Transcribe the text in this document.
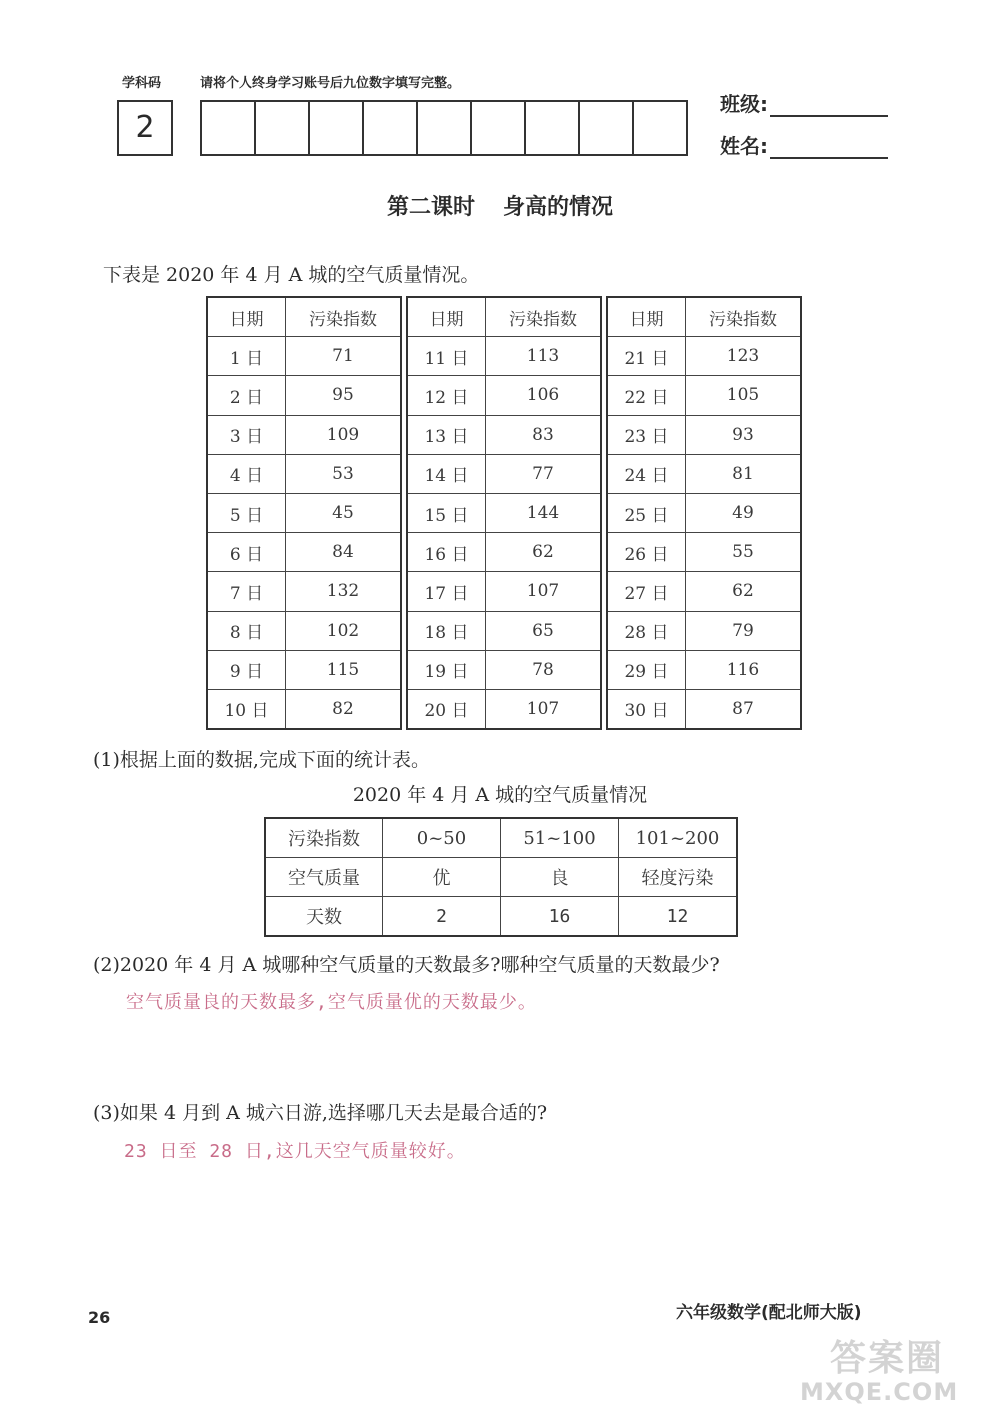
学科码	请将个人终身学习账号后九位数字填写完整。
2
班级:
姓名:
第二课时 身高的情况
下表是 2020 年 4 月 A 城的空气质量情况。
日期	污染指数
1 日	71
2 日	95
3 日	109
4 日	53
5 日	45
6 日	84
7 日	132
8 日	102
9 日	115
10 日	82
日期	污染指数
11 日	113
12 日	106
13 日	83
14 日	77
15 日	144
16 日	62
17 日	107
18 日	65
19 日	78
20 日	107
日期	污染指数
21 日	123
22 日	105
23 日	93
24 日	81
25 日	49
26 日	55
27 日	62
28 日	79
29 日	116
30 日	87
(1)根据上面的数据,完成下面的统计表。
2020 年 4 月 A 城的空气质量情况
污染指数	0~50	51~100	101~200
空气质量	优	良	轻度污染
天数	2	16	12
(2)2020 年 4 月 A 城哪种空气质量的天数最多?哪种空气质量的天数最少?
空气质量良的天数最多,空气质量优的天数最少。
(3)如果 4 月到 A 城六日游,选择哪几天去是最合适的?
23 日至 28 日,这几天空气质量较好。
26	六年级数学(配北师大版)
答案圈
MXQE.COM
